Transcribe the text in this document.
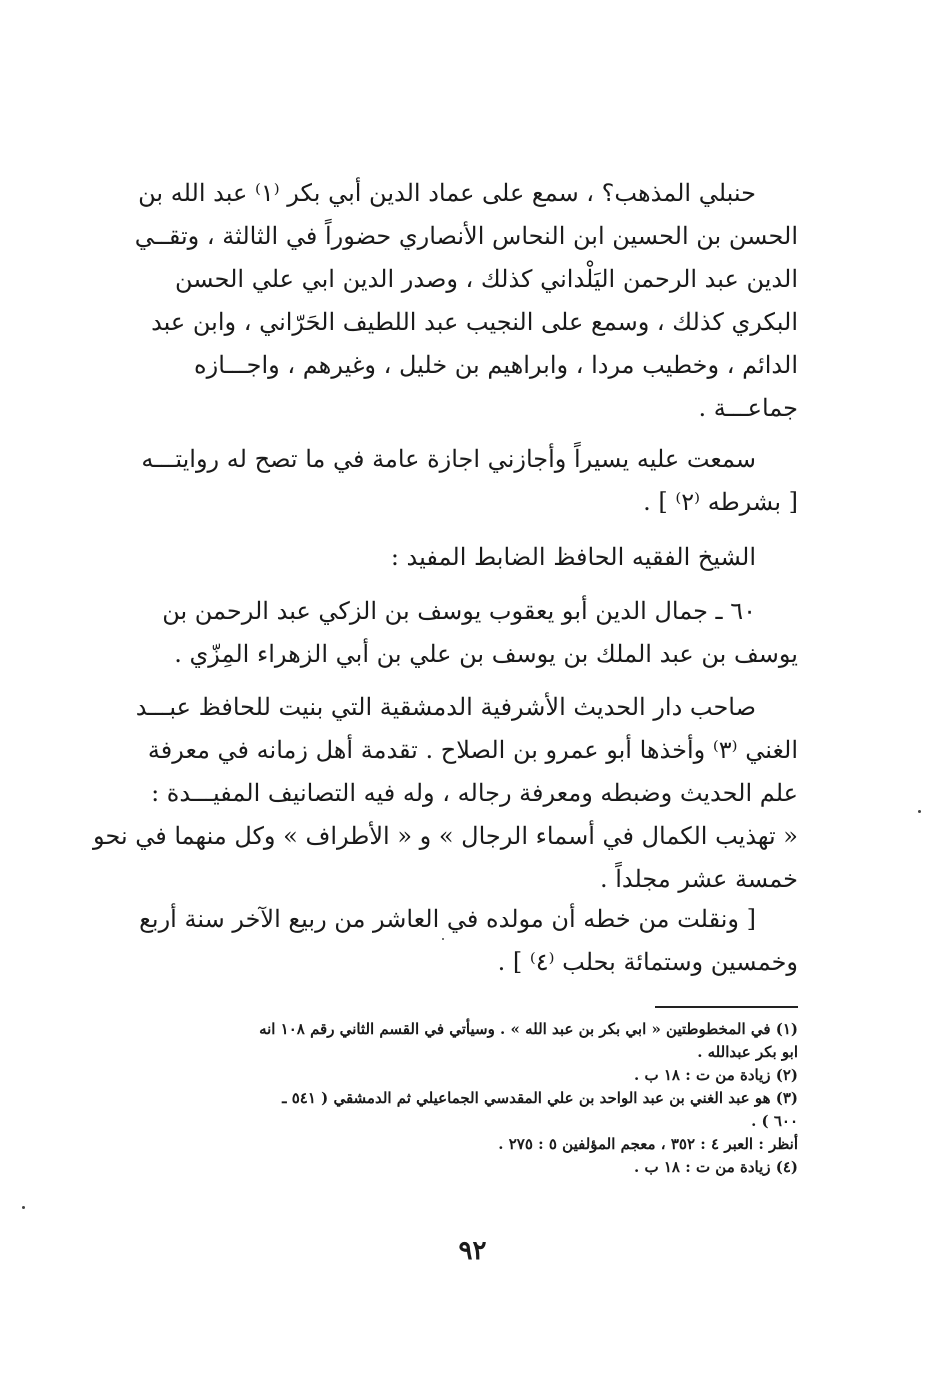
حنبلي المذهب؟ ، سمع على عماد الدين أبي بكر ⁽١⁾ عبد الله بن
الحسن بن الحسين ابن النحاس الأنصاري حضوراً في الثالثة ، وتقــي
الدين عبد الرحمن اليَلْداني كذلك ، وصدر الدين ابي علي الحسن
البكري كذلك ، وسمع على النجيب عبد اللطيف الحَرّاني ، وابن عبد
الدائم ، وخطيب مردا ، وابراهيم بن خليل ، وغيرهم ، واجـــازه
جماعـــة .

سمعت عليه يسيراً وأجازني اجازة عامة في ما تصح له روايتـــه
[ بشرطه ⁽٢⁾ ] .

الشيخ الفقيه الحافظ الضابط المفيد :

٦٠ ـ جمال الدين أبو يعقوب يوسف بن الزكي عبد الرحمن بن
يوسف بن عبد الملك بن يوسف بن علي بن أبي الزهراء المِزّي .

صاحب دار الحديث الأشرفية الدمشقية التي بنيت للحافظ عبـــد
الغني ⁽٣⁾ وأخذها أبو عمرو بن الصلاح . تقدمة أهل زمانه في معرفة
علم الحديث وضبطه ومعرفة رجاله ، وله فيه التصانيف المفيـــدة :
« تهذيب الكمال في أسماء الرجال » و « الأطراف » وكل منهما في نحو
خمسة عشر مجلداً .

[ ونقلت من خطه أن مولده في العاشر من ربيع الآخر سنة أربع
وخمسين وستمائة بحلب ⁽٤⁾ ] .

(١) في المخطوطتين « ابي بكر بن عبد الله » . وسيأتي في القسم الثاني رقم ١٠٨ انه
ابو بكر عبدالله .
(٢) زيادة من ت : ١٨ ب .
(٣) هو عبد الغني بن عبد الواحد بن علي المقدسي الجماعيلي ثم الدمشقي ( ٥٤١ ـ
٦٠٠ ) .
أنظر : العبر ٤ : ٣٥٢ ، معجم المؤلفين ٥ : ٢٧٥ .
(٤) زيادة من ت : ١٨ ب .
٩٢
